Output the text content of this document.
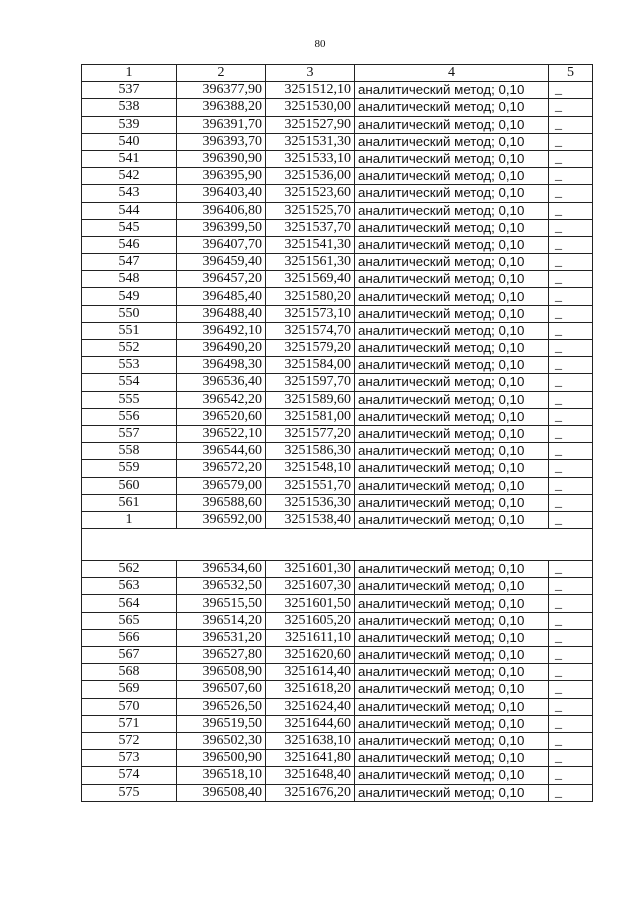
80
1	2	3	4	5
537	396377,90	3251512,10	аналитический метод; 0,10	_
538	396388,20	3251530,00	аналитический метод; 0,10	_
539	396391,70	3251527,90	аналитический метод; 0,10	_
540	396393,70	3251531,30	аналитический метод; 0,10	_
541	396390,90	3251533,10	аналитический метод; 0,10	_
542	396395,90	3251536,00	аналитический метод; 0,10	_
543	396403,40	3251523,60	аналитический метод; 0,10	_
544	396406,80	3251525,70	аналитический метод; 0,10	_
545	396399,50	3251537,70	аналитический метод; 0,10	_
546	396407,70	3251541,30	аналитический метод; 0,10	_
547	396459,40	3251561,30	аналитический метод; 0,10	_
548	396457,20	3251569,40	аналитический метод; 0,10	_
549	396485,40	3251580,20	аналитический метод; 0,10	_
550	396488,40	3251573,10	аналитический метод; 0,10	_
551	396492,10	3251574,70	аналитический метод; 0,10	_
552	396490,20	3251579,20	аналитический метод; 0,10	_
553	396498,30	3251584,00	аналитический метод; 0,10	_
554	396536,40	3251597,70	аналитический метод; 0,10	_
555	396542,20	3251589,60	аналитический метод; 0,10	_
556	396520,60	3251581,00	аналитический метод; 0,10	_
557	396522,10	3251577,20	аналитический метод; 0,10	_
558	396544,60	3251586,30	аналитический метод; 0,10	_
559	396572,20	3251548,10	аналитический метод; 0,10	_
560	396579,00	3251551,70	аналитический метод; 0,10	_
561	396588,60	3251536,30	аналитический метод; 0,10	_
1	396592,00	3251538,40	аналитический метод; 0,10	_

562	396534,60	3251601,30	аналитический метод; 0,10	_
563	396532,50	3251607,30	аналитический метод; 0,10	_
564	396515,50	3251601,50	аналитический метод; 0,10	_
565	396514,20	3251605,20	аналитический метод; 0,10	_
566	396531,20	3251611,10	аналитический метод; 0,10	_
567	396527,80	3251620,60	аналитический метод; 0,10	_
568	396508,90	3251614,40	аналитический метод; 0,10	_
569	396507,60	3251618,20	аналитический метод; 0,10	_
570	396526,50	3251624,40	аналитический метод; 0,10	_
571	396519,50	3251644,60	аналитический метод; 0,10	_
572	396502,30	3251638,10	аналитический метод; 0,10	_
573	396500,90	3251641,80	аналитический метод; 0,10	_
574	396518,10	3251648,40	аналитический метод; 0,10	_
575	396508,40	3251676,20	аналитический метод; 0,10	_
